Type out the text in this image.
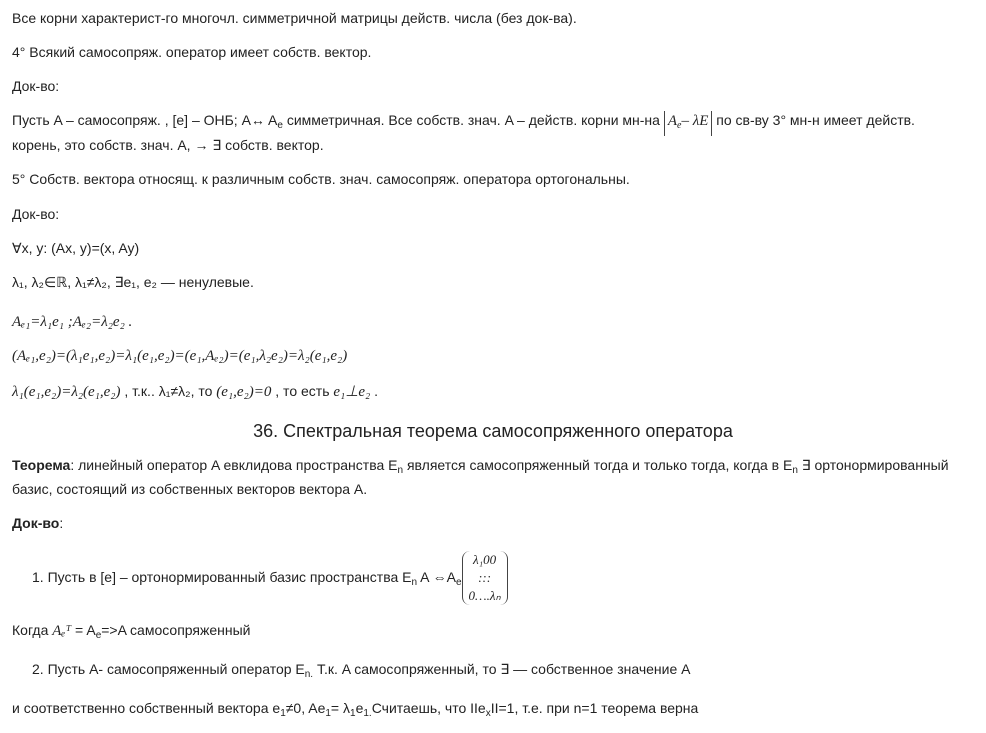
Все корни характерист-го многочл. симметричной матрицы действ. числа (без док-ва).
4° Всякий самосопряж. оператор имеет собств. вектор.
Док-во:
Пусть A – самосопряж. , [e] – ОНБ; A↔ $A_e$ симметричная. Все собств. знач. A – действ. корни мн-на $A_e-$ λE по св-ву 3° мн-н имеет действ.
корень, это собств. знач. A, → ∃ собств. вектор.
5° Собств. вектора относящ. к различным собств. знач. самосопряж. оператора ортогональны.
Док-во:
∀x, y: (Ax, y)=(x, Ay)
λ₁, λ₂∈ℝ, λ₁≠λ₂, ∃e₁, e₂ — ненулевые.
Aₑ₁=λ₁e₁ ;Aₑ₂=λ₂e₂ .
(Aₑ₁,e₂)=(λ₁e₁,e₂)=λ₁(e₁,e₂)=(e₁,Aₑ₂)=(e₁,λ₂e₂)=λ₂(e₁,e₂)
λ₁(e₁,e₂)=λ₂(e₁,e₂) , т.к.. λ₁≠λ₂, то (e₁,e₂)=0 , то есть e₁⊥e₂ .
36. Спектральная теорема самосопряженного оператора
Теорема: линейный оператор A евклидова пространства $E_n$ является самосопряженный тогда и только тогда, когда в $E_n$ ∃ ортонормированный
базис, состоящий из собственных векторов вектора A.
Док-во:
1. Пусть в [e] – ортонормированный базис пространства $E_n$ A $\Leftrightarrow A_e$
λ₁00
:::
0….λₙ
Когда Aₑᵀ = $A_e=>A$ самосопряженный
2. Пусть A- самосопряженный оператор $E_{n.}$ Т.к. A самосопряженный, то ∃ — собственное значение A
и соответственно собственный вектора $e_1\ne 0$, $Ae_1=$ $\lambda_1e_{1.}Считаешь$, что IIe$_x$II=1, т.е. при n=1 теорема верна
